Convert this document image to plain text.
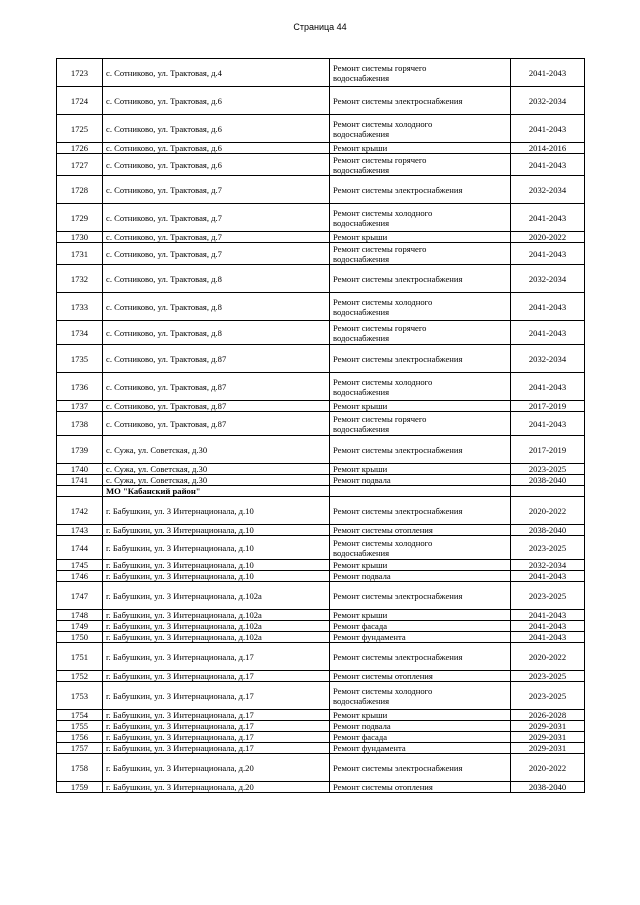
Страница 44
1723	с. Сотниково, ул. Трактовая, д.4	Ремонт системы горячего
водоснабжения	2041-2043
1724	с. Сотниково, ул. Трактовая, д.6	Ремонт системы электроснабжения	2032-2034
1725	с. Сотниково, ул. Трактовая, д.6	Ремонт системы холодного
водоснабжения	2041-2043
1726	с. Сотниково, ул. Трактовая, д.6	Ремонт крыши	2014-2016
1727	с. Сотниково, ул. Трактовая, д.6	Ремонт системы горячего
водоснабжения	2041-2043
1728	с. Сотниково, ул. Трактовая, д.7	Ремонт системы электроснабжения	2032-2034
1729	с. Сотниково, ул. Трактовая, д.7	Ремонт системы холодного
водоснабжения	2041-2043
1730	с. Сотниково, ул. Трактовая, д.7	Ремонт крыши	2020-2022
1731	с. Сотниково, ул. Трактовая, д.7	Ремонт системы горячего
водоснабжения	2041-2043
1732	с. Сотниково, ул. Трактовая, д.8	Ремонт системы электроснабжения	2032-2034
1733	с. Сотниково, ул. Трактовая, д.8	Ремонт системы холодного
водоснабжения	2041-2043
1734	с. Сотниково, ул. Трактовая, д.8	Ремонт системы горячего
водоснабжения	2041-2043
1735	с. Сотниково, ул. Трактовая, д.87	Ремонт системы электроснабжения	2032-2034
1736	с. Сотниково, ул. Трактовая, д.87	Ремонт системы холодного
водоснабжения	2041-2043
1737	с. Сотниково, ул. Трактовая, д.87	Ремонт крыши	2017-2019
1738	с. Сотниково, ул. Трактовая, д.87	Ремонт системы горячего
водоснабжения	2041-2043
1739	с. Сужа, ул. Советская, д.30	Ремонт системы электроснабжения	2017-2019
1740	с. Сужа, ул. Советская, д.30	Ремонт крыши	2023-2025
1741	с. Сужа, ул. Советская, д.30	Ремонт подвала	2038-2040
	МО "Кабанский район"		
1742	г. Бабушкин, ул. 3 Интернационала, д.10	Ремонт системы электроснабжения	2020-2022
1743	г. Бабушкин, ул. 3 Интернационала, д.10	Ремонт системы отопления	2038-2040
1744	г. Бабушкин, ул. 3 Интернационала, д.10	Ремонт системы холодного
водоснабжения	2023-2025
1745	г. Бабушкин, ул. 3 Интернационала, д.10	Ремонт крыши	2032-2034
1746	г. Бабушкин, ул. 3 Интернационала, д.10	Ремонт подвала	2041-2043
1747	г. Бабушкин, ул. 3 Интернационала, д.102а	Ремонт системы электроснабжения	2023-2025
1748	г. Бабушкин, ул. 3 Интернационала, д.102а	Ремонт крыши	2041-2043
1749	г. Бабушкин, ул. 3 Интернационала, д.102а	Ремонт фасада	2041-2043
1750	г. Бабушкин, ул. 3 Интернационала, д.102а	Ремонт фундамента	2041-2043
1751	г. Бабушкин, ул. 3 Интернационала, д.17	Ремонт системы электроснабжения	2020-2022
1752	г. Бабушкин, ул. 3 Интернационала, д.17	Ремонт системы отопления	2023-2025
1753	г. Бабушкин, ул. 3 Интернационала, д.17	Ремонт системы холодного
водоснабжения	2023-2025
1754	г. Бабушкин, ул. 3 Интернационала, д.17	Ремонт крыши	2026-2028
1755	г. Бабушкин, ул. 3 Интернационала, д.17	Ремонт подвала	2029-2031
1756	г. Бабушкин, ул. 3 Интернационала, д.17	Ремонт фасада	2029-2031
1757	г. Бабушкин, ул. 3 Интернационала, д.17	Ремонт фундамента	2029-2031
1758	г. Бабушкин, ул. 3 Интернационала, д.20	Ремонт системы электроснабжения	2020-2022
1759	г. Бабушкин, ул. 3 Интернационала, д.20	Ремонт системы отопления	2038-2040
